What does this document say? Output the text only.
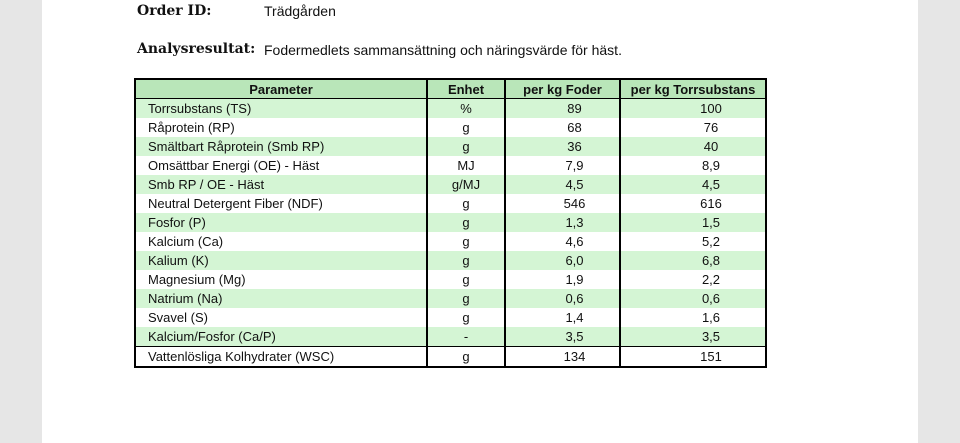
Order ID:	Trädgården
Analysresultat: Fodermedlets sammansättning och näringsvärde för häst.
Parameter	Enhet	per kg Foder	per kg Torrsubstans
Torrsubstans (TS)	%	89	100
Råprotein (RP)	g	68	76
Smältbart Råprotein (Smb RP)	g	36	40
Omsättbar Energi (OE) - Häst	MJ	7,9	8,9
Smb RP / OE - Häst	g/MJ	4,5	4,5
Neutral Detergent Fiber (NDF)	g	546	616
Fosfor (P)	g	1,3	1,5
Kalcium (Ca)	g	4,6	5,2
Kalium (K)	g	6,0	6,8
Magnesium (Mg)	g	1,9	2,2
Natrium (Na)	g	0,6	0,6
Svavel (S)	g	1,4	1,6
Kalcium/Fosfor (Ca/P)	-	3,5	3,5
Vattenlösliga Kolhydrater (WSC)	g	134	151
